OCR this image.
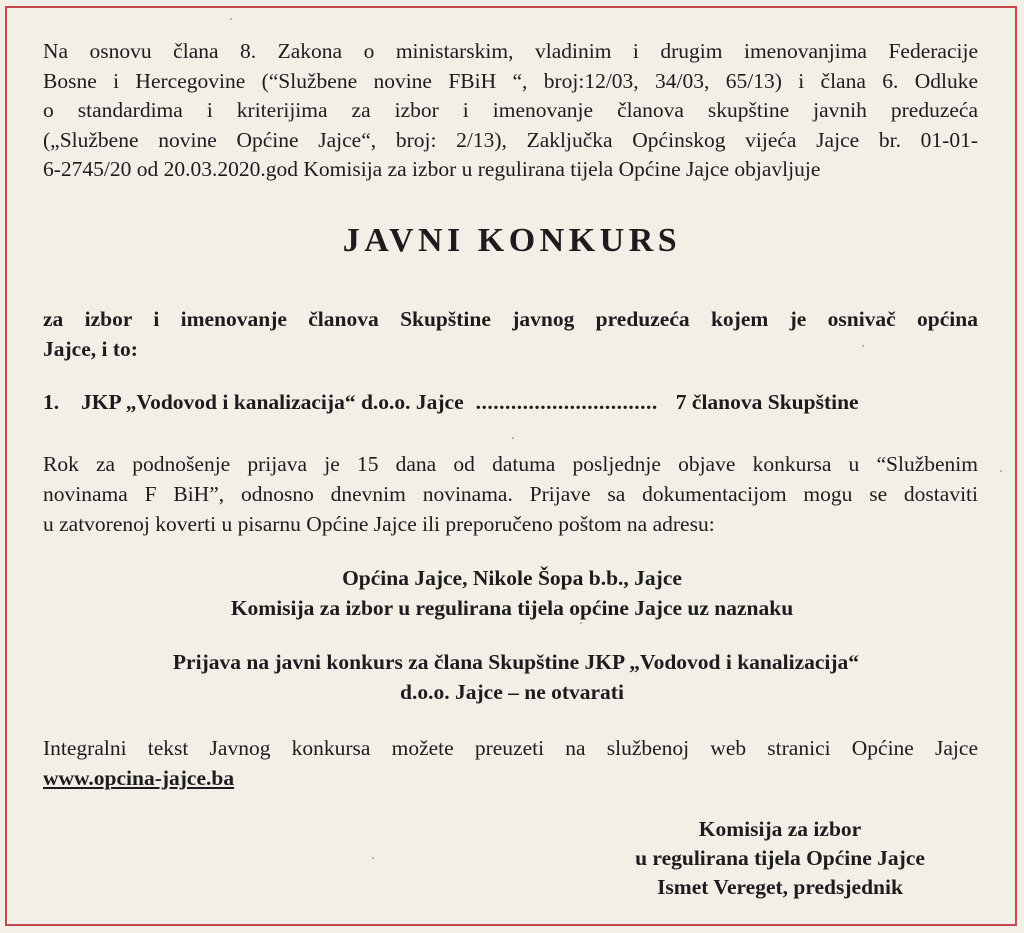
Na osnovu člana 8. Zakona o ministarskim, vladinim i drugim imenovanjima Federacije
Bosne i Hercegovine (“Službene novine FBiH “, broj:12/03, 34/03, 65/13) i člana 6. Odluke
o standardima i kriterijima za izbor i imenovanje članova skupštine javnih preduzeća
(„Službene novine Općine Jajce“, broj: 2/13), Zaključka Općinskog vijeća Jajce br. 01-01-
6-2745/20 od 20.03.2020.god Komisija za izbor u regulirana tijela Općine Jajce objavljuje
JAVNI KONKURS
za izbor i imenovanje članova Skupštine javnog preduzeća kojem je osnivač općina
Jajce, i to:
1.	JKP „Vodovod i kanalizacija“ d.o.o. Jajce ............................... 7 članova Skupštine
Rok za podnošenje prijava je 15 dana od datuma posljednje objave konkursa u “Službenim
novinama F BiH”, odnosno dnevnim novinama. Prijave sa dokumentacijom mogu se dostaviti
u zatvorenoj koverti u pisarnu Općine Jajce ili preporučeno poštom na adresu:
Općina Jajce, Nikole Šopa b.b., Jajce
Komisija za izbor u regulirana tijela općine Jajce uz naznaku
Prijava na javni konkurs za člana Skupštine JKP „Vodovod i kanalizacija“
d.o.o. Jajce – ne otvarati
Integralni tekst Javnog konkursa možete preuzeti na službenoj web stranici Općine Jajce
www.opcina-jajce.ba
Komisija za izbor
u regulirana tijela Općine Jajce
Ismet Vereget, predsjednik
